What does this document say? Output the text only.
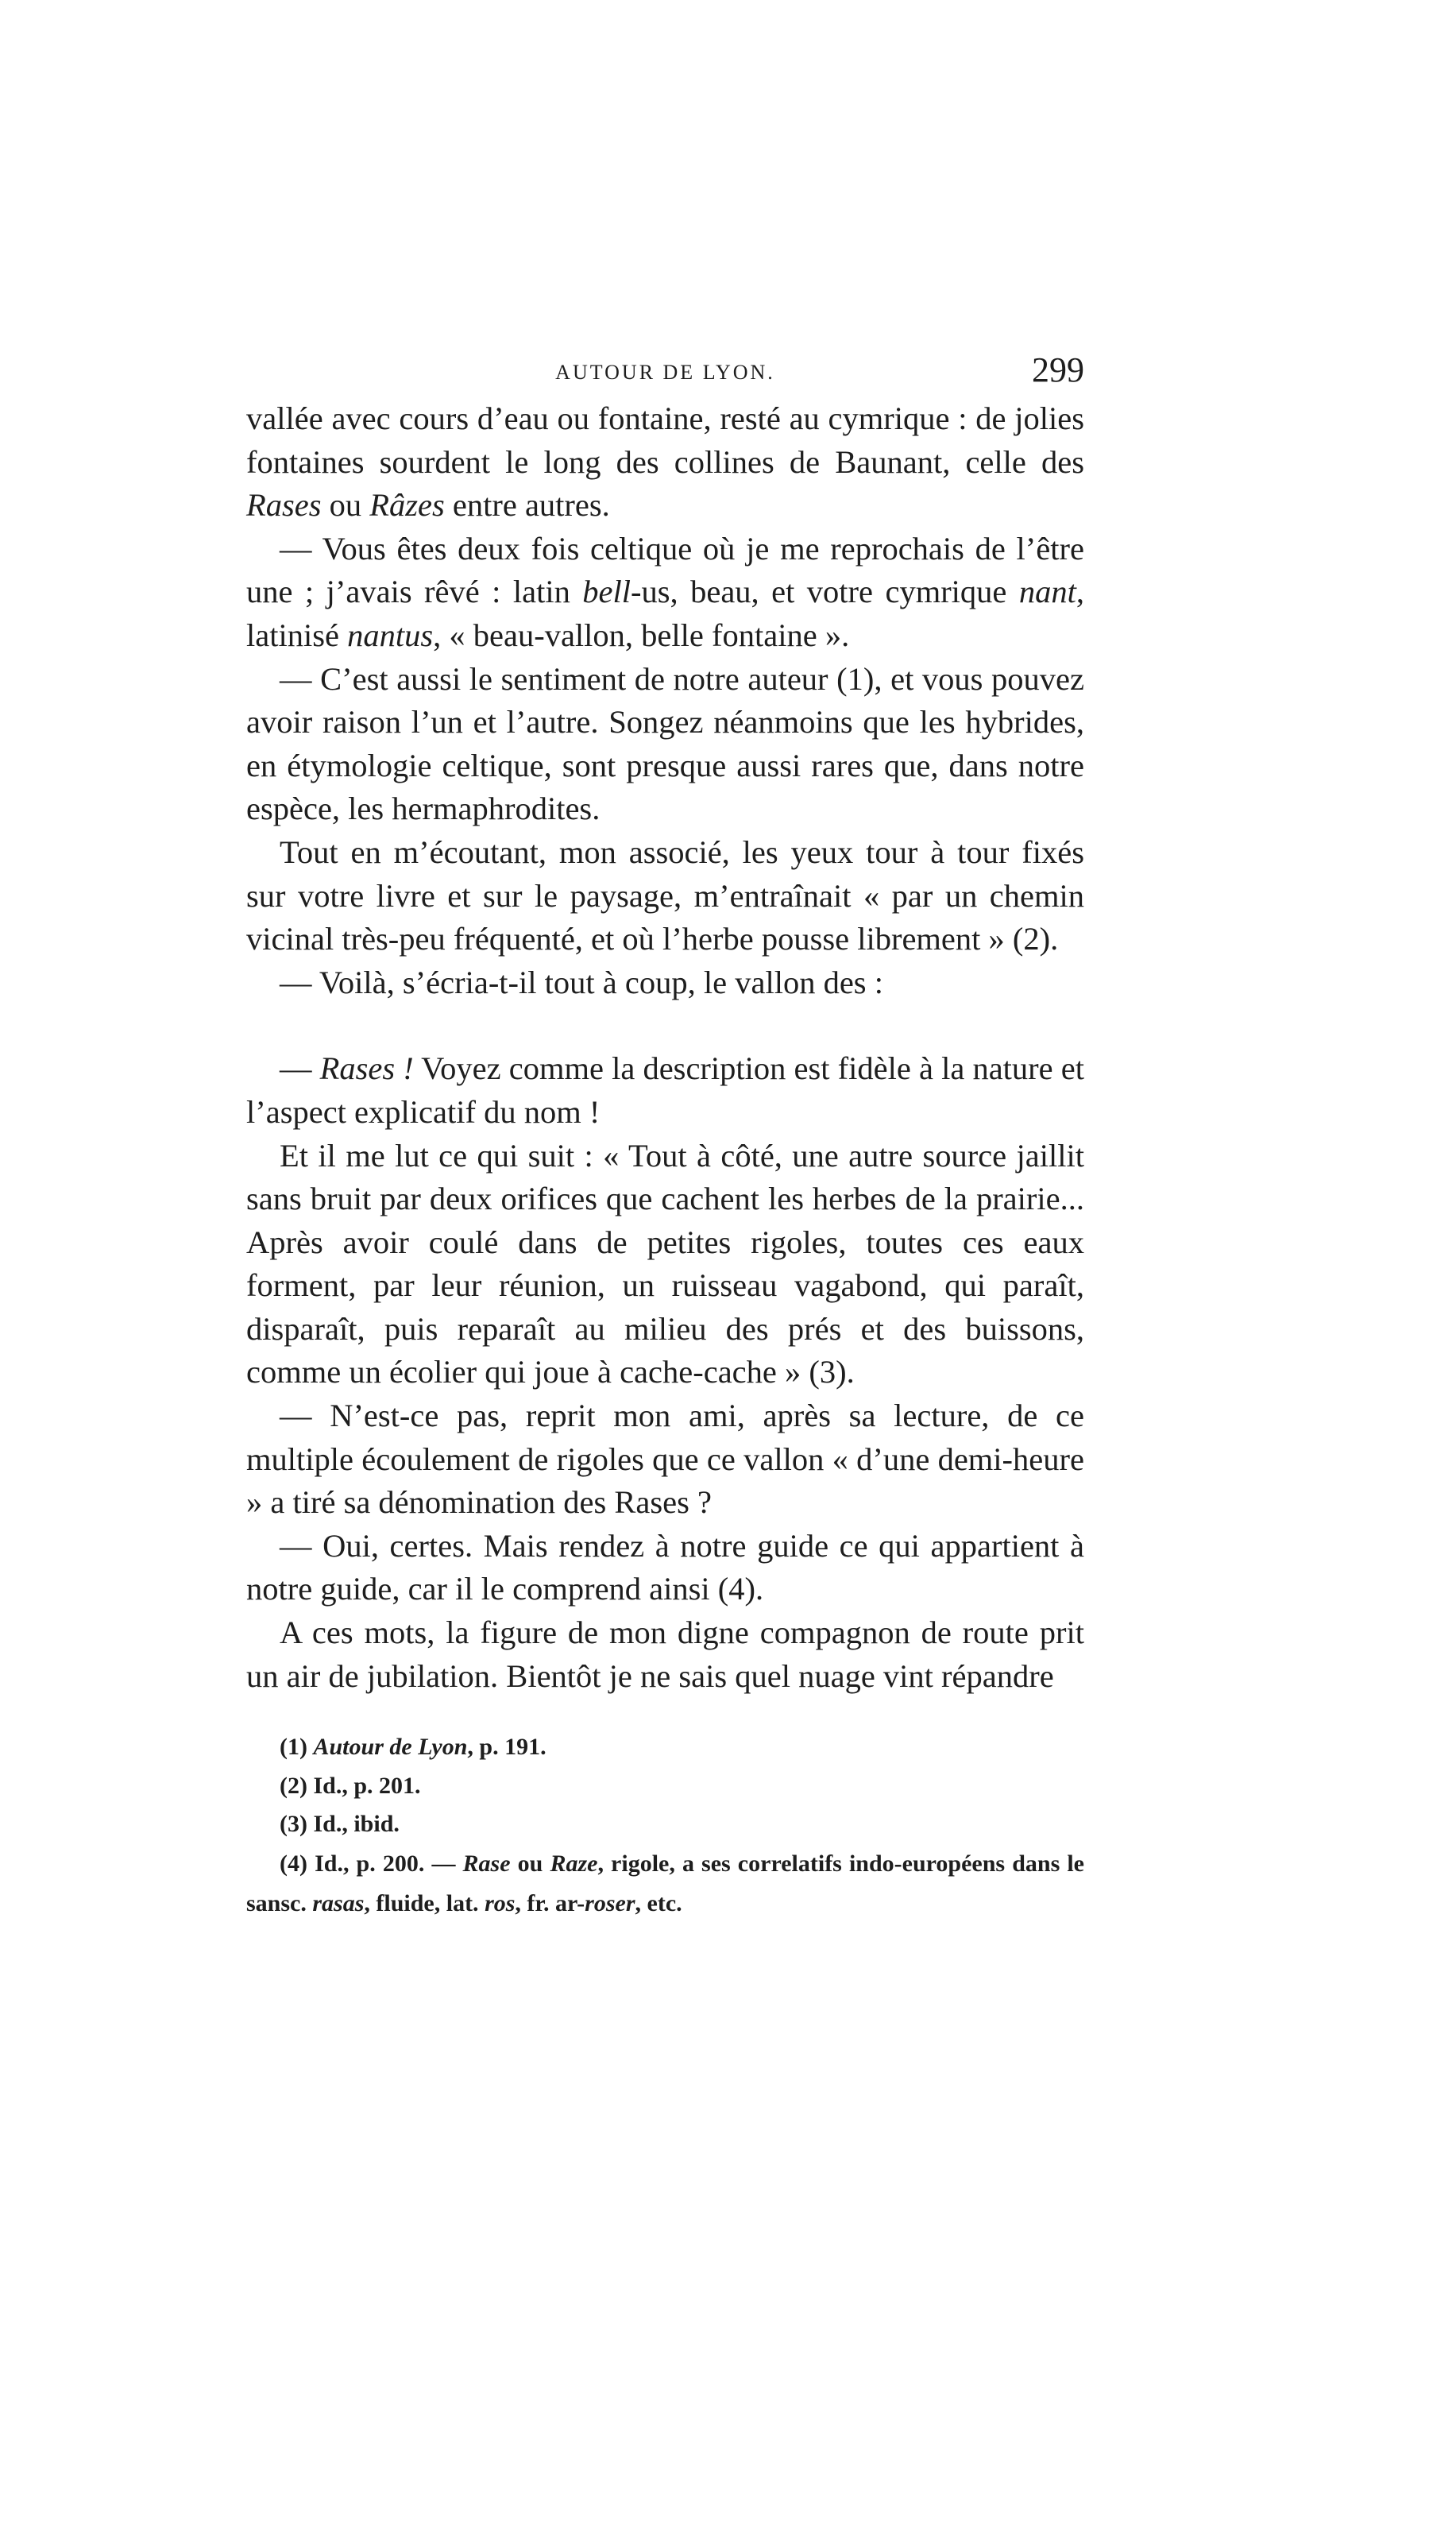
AUTOUR DE LYON.	299

vallée avec cours d’eau ou fontaine, resté au cymrique : de jolies fontaines sourdent le long des collines de Baunant, celle des Rases ou Râzes entre autres.

— Vous êtes deux fois celtique où je me reprochais de l’être une ; j’avais rêvé : latin bell-us, beau, et votre cymrique nant, latinisé nantus, « beau-vallon, belle fontaine ».

— C’est aussi le sentiment de notre auteur (1), et vous pouvez avoir raison l’un et l’autre. Songez néanmoins que les hybrides, en étymologie celtique, sont presque aussi rares que, dans notre espèce, les hermaphrodites.

Tout en m’écoutant, mon associé, les yeux tour à tour fixés sur votre livre et sur le paysage, m’entraînait « par un chemin vicinal très-peu fréquenté, et où l’herbe pousse librement » (2).

— Voilà, s’écria-t-il tout à coup, le vallon des :

— Rases ! Voyez comme la description est fidèle à la nature et l’aspect explicatif du nom !

Et il me lut ce qui suit : « Tout à côté, une autre source jaillit sans bruit par deux orifices que cachent les herbes de la prairie... Après avoir coulé dans de petites rigoles, toutes ces eaux forment, par leur réunion, un ruisseau vagabond, qui paraît, disparaît, puis reparaît au milieu des prés et des buissons, comme un écolier qui joue à cache-cache » (3).

— N’est-ce pas, reprit mon ami, après sa lecture, de ce multiple écoulement de rigoles que ce vallon « d’une demi-heure » a tiré sa dénomination des Rases ?

— Oui, certes. Mais rendez à notre guide ce qui appartient à notre guide, car il le comprend ainsi (4).

A ces mots, la figure de mon digne compagnon de route prit un air de jubilation. Bientôt je ne sais quel nuage vint répandre

(1) Autour de Lyon, p. 191.

(2) Id., p. 201.

(3) Id., ibid.

(4) Id., p. 200. — Rase ou Raze, rigole, a ses correlatifs indo-européens dans le sansc. rasas, fluide, lat. ros, fr. ar-roser, etc.
